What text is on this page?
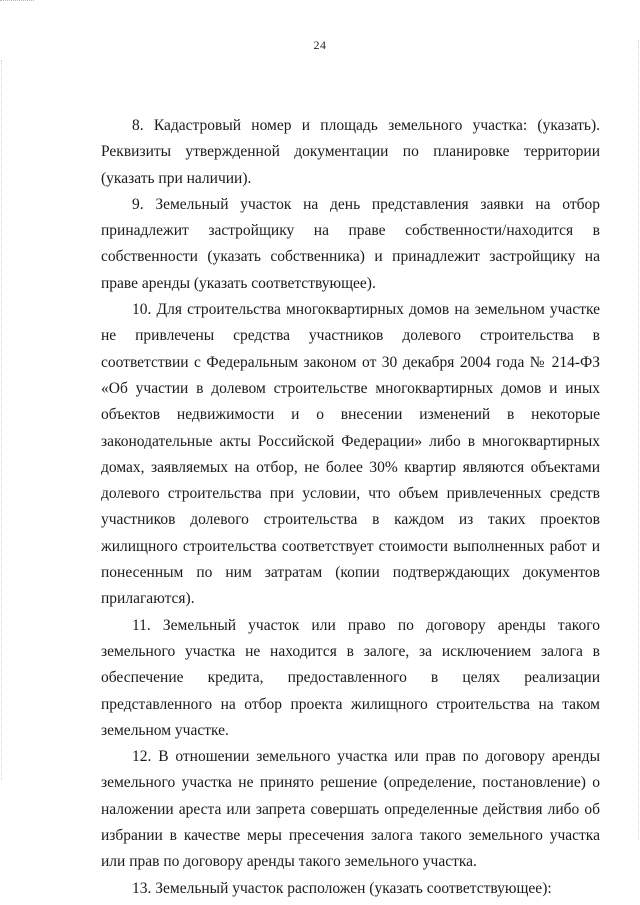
24

8. Кадастровый номер и площадь земельного участка: (указать). Реквизиты утвержденной документации по планировке территории (указать при наличии).

9. Земельный участок на день представления заявки на отбор принадлежит застройщику на праве собственности/находится в собственности (указать собственника) и принадлежит застройщику на праве аренды (указать соответствующее).

10. Для строительства многоквартирных домов на земельном участке не привлечены средства участников долевого строительства в соответствии с Федеральным законом от 30 декабря 2004 года № 214-ФЗ «Об участии в долевом строительстве многоквартирных домов и иных объектов недвижимости и о внесении изменений в некоторые законодательные акты Российской Федерации» либо в многоквартирных домах, заявляемых на отбор, не более 30% квартир являются объектами долевого строительства при условии, что объем привлеченных средств участников долевого строительства в каждом из таких проектов жилищного строительства соответствует стоимости выполненных работ и понесенным по ним затратам (копии подтверждающих документов прилагаются).

11. Земельный участок или право по договору аренды такого земельного участка не находится в залоге, за исключением залога в обеспечение кредита, предоставленного в целях реализации представленного на отбор проекта жилищного строительства на таком земельном участке.

12. В отношении земельного участка или прав по договору аренды земельного участка не принято решение (определение, постановление) о наложении ареста или запрета совершать определенные действия либо об избрании в качестве меры пресечения залога такого земельного участка или прав по договору аренды такого земельного участка.

13. Земельный участок расположен (указать соответствующее):
